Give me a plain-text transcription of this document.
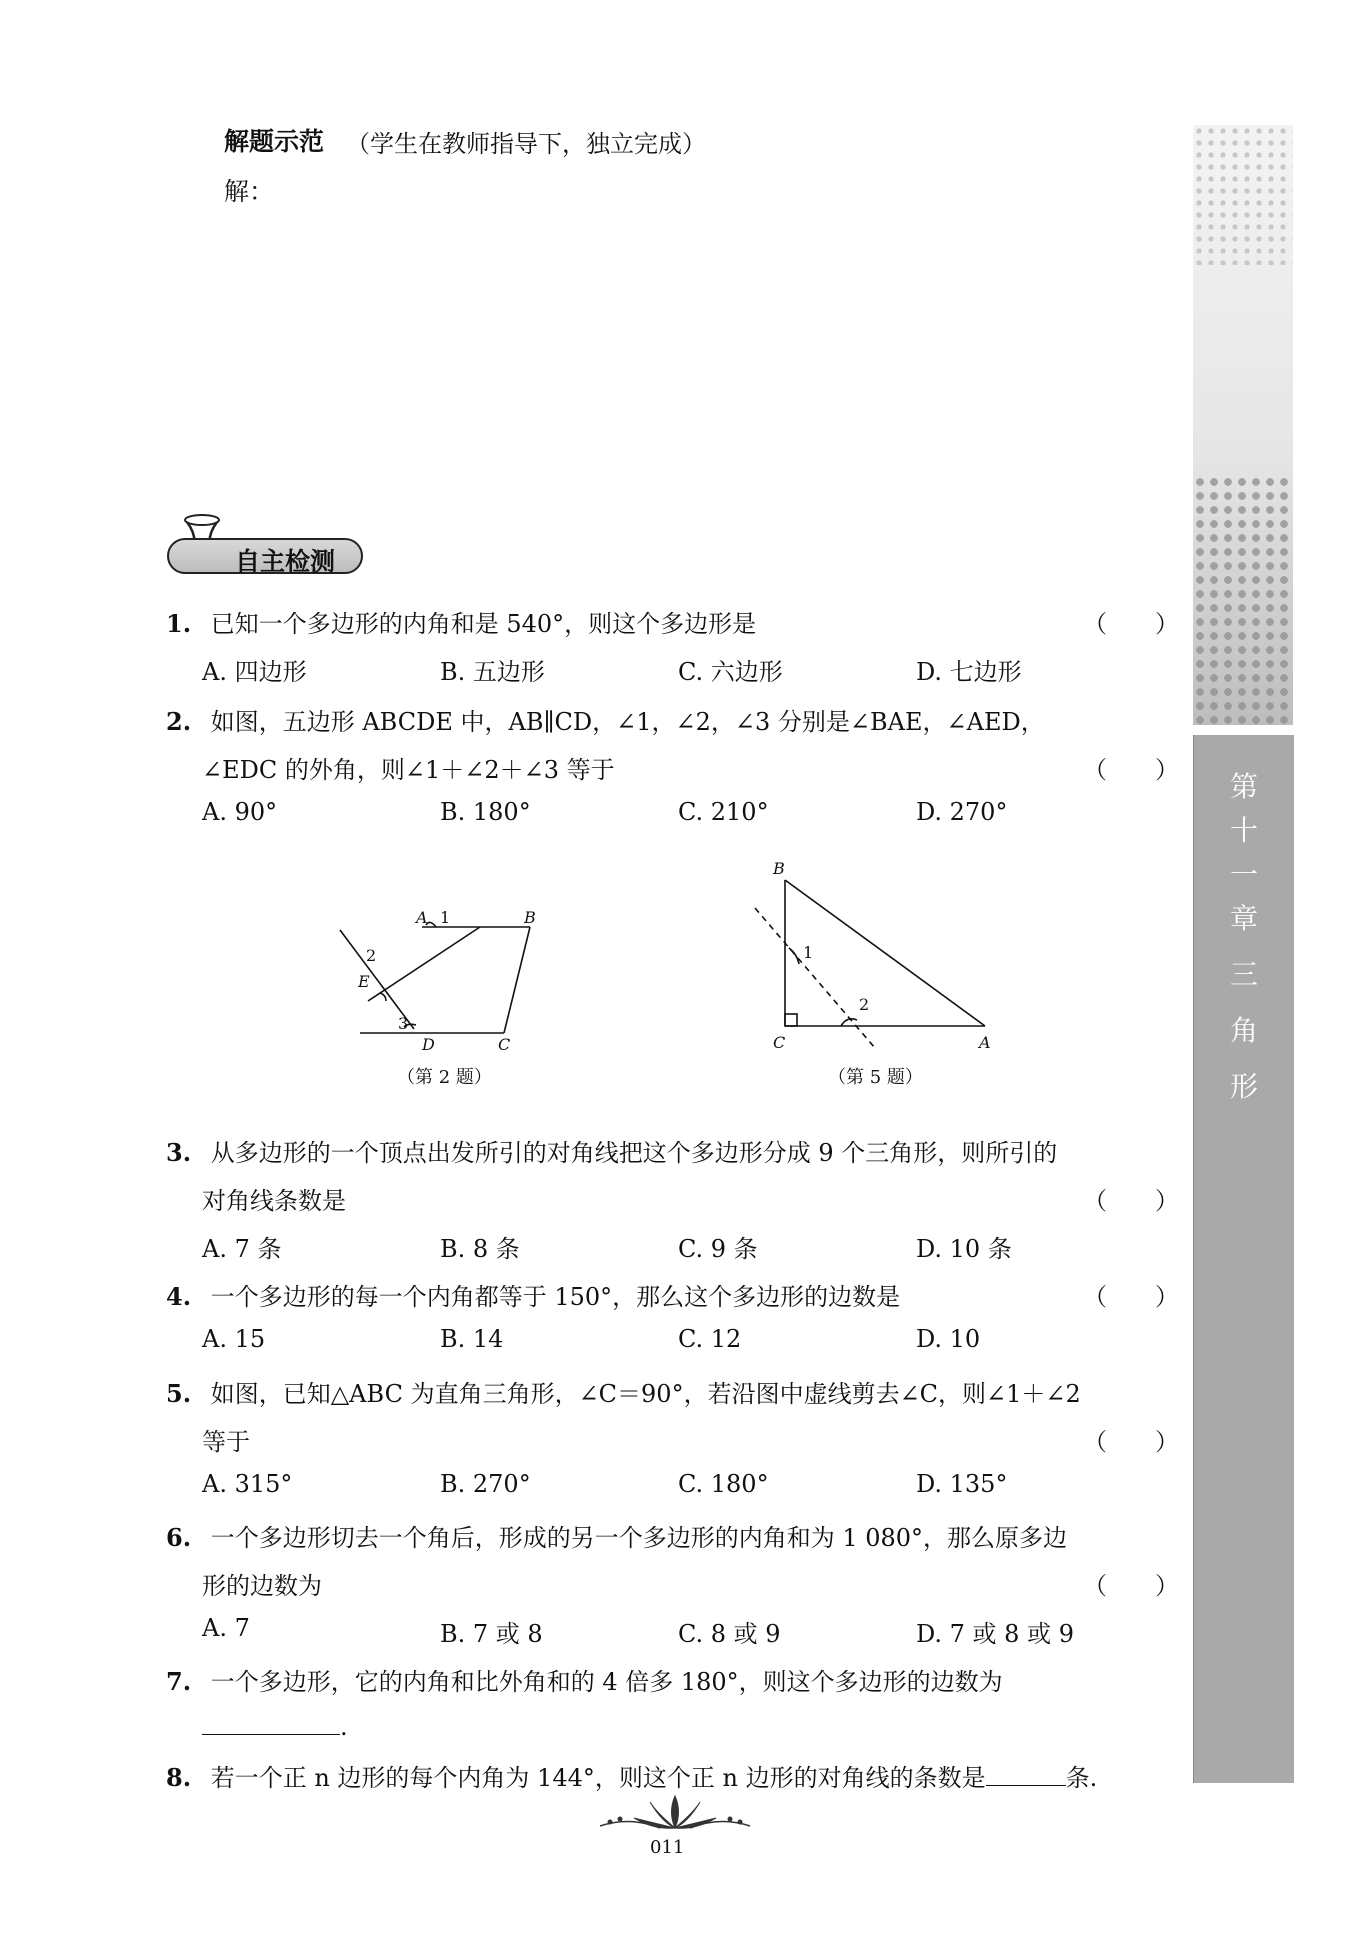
解题示范 （学生在教师指导下，独立完成）
解：
自主检测
1. 已知一个多边形的内角和是 540°，则这个多边形是	（　　）
A. 四边形	B. 五边形	C. 六边形	D. 七边形
2. 如图，五边形 ABCDE 中，AB∥CD，∠1，∠2，∠3 分别是∠BAE，∠AED，
∠EDC 的外角，则∠1＋∠2＋∠3 等于	（　　）
A. 90°	B. 180°	C. 210°	D. 270°
A	B
C
D
E
1
2
3
（第 2 题）
B
C	A
1
2
（第 5 题）
3. 从多边形的一个顶点出发所引的对角线把这个多边形分成 9 个三角形，则所引的
对角线条数是	（　　）
A. 7 条	B. 8 条	C. 9 条	D. 10 条
4. 一个多边形的每一个内角都等于 150°，那么这个多边形的边数是	（　　）
A. 15	B. 14	C. 12	D. 10
5. 如图，已知△ABC 为直角三角形，∠C＝90°，若沿图中虚线剪去∠C，则∠1＋∠2
等于	（　　）
A. 315°	B. 270°	C. 180°	D. 135°
6. 一个多边形切去一个角后，形成的另一个多边形的内角和为 1 080°，那么原多边
形的边数为	（　　）
A. 7	B. 7 或 8	C. 8 或 9	D. 7 或 8 或 9
7. 一个多边形，它的内角和比外角和的 4 倍多 180°，则这个多边形的边数为
.
8. 若一个正 n 边形的每个内角为 144°，则这个正 n 边形的对角线的条数是	条.
011
第
十
一
章
三
角
形
